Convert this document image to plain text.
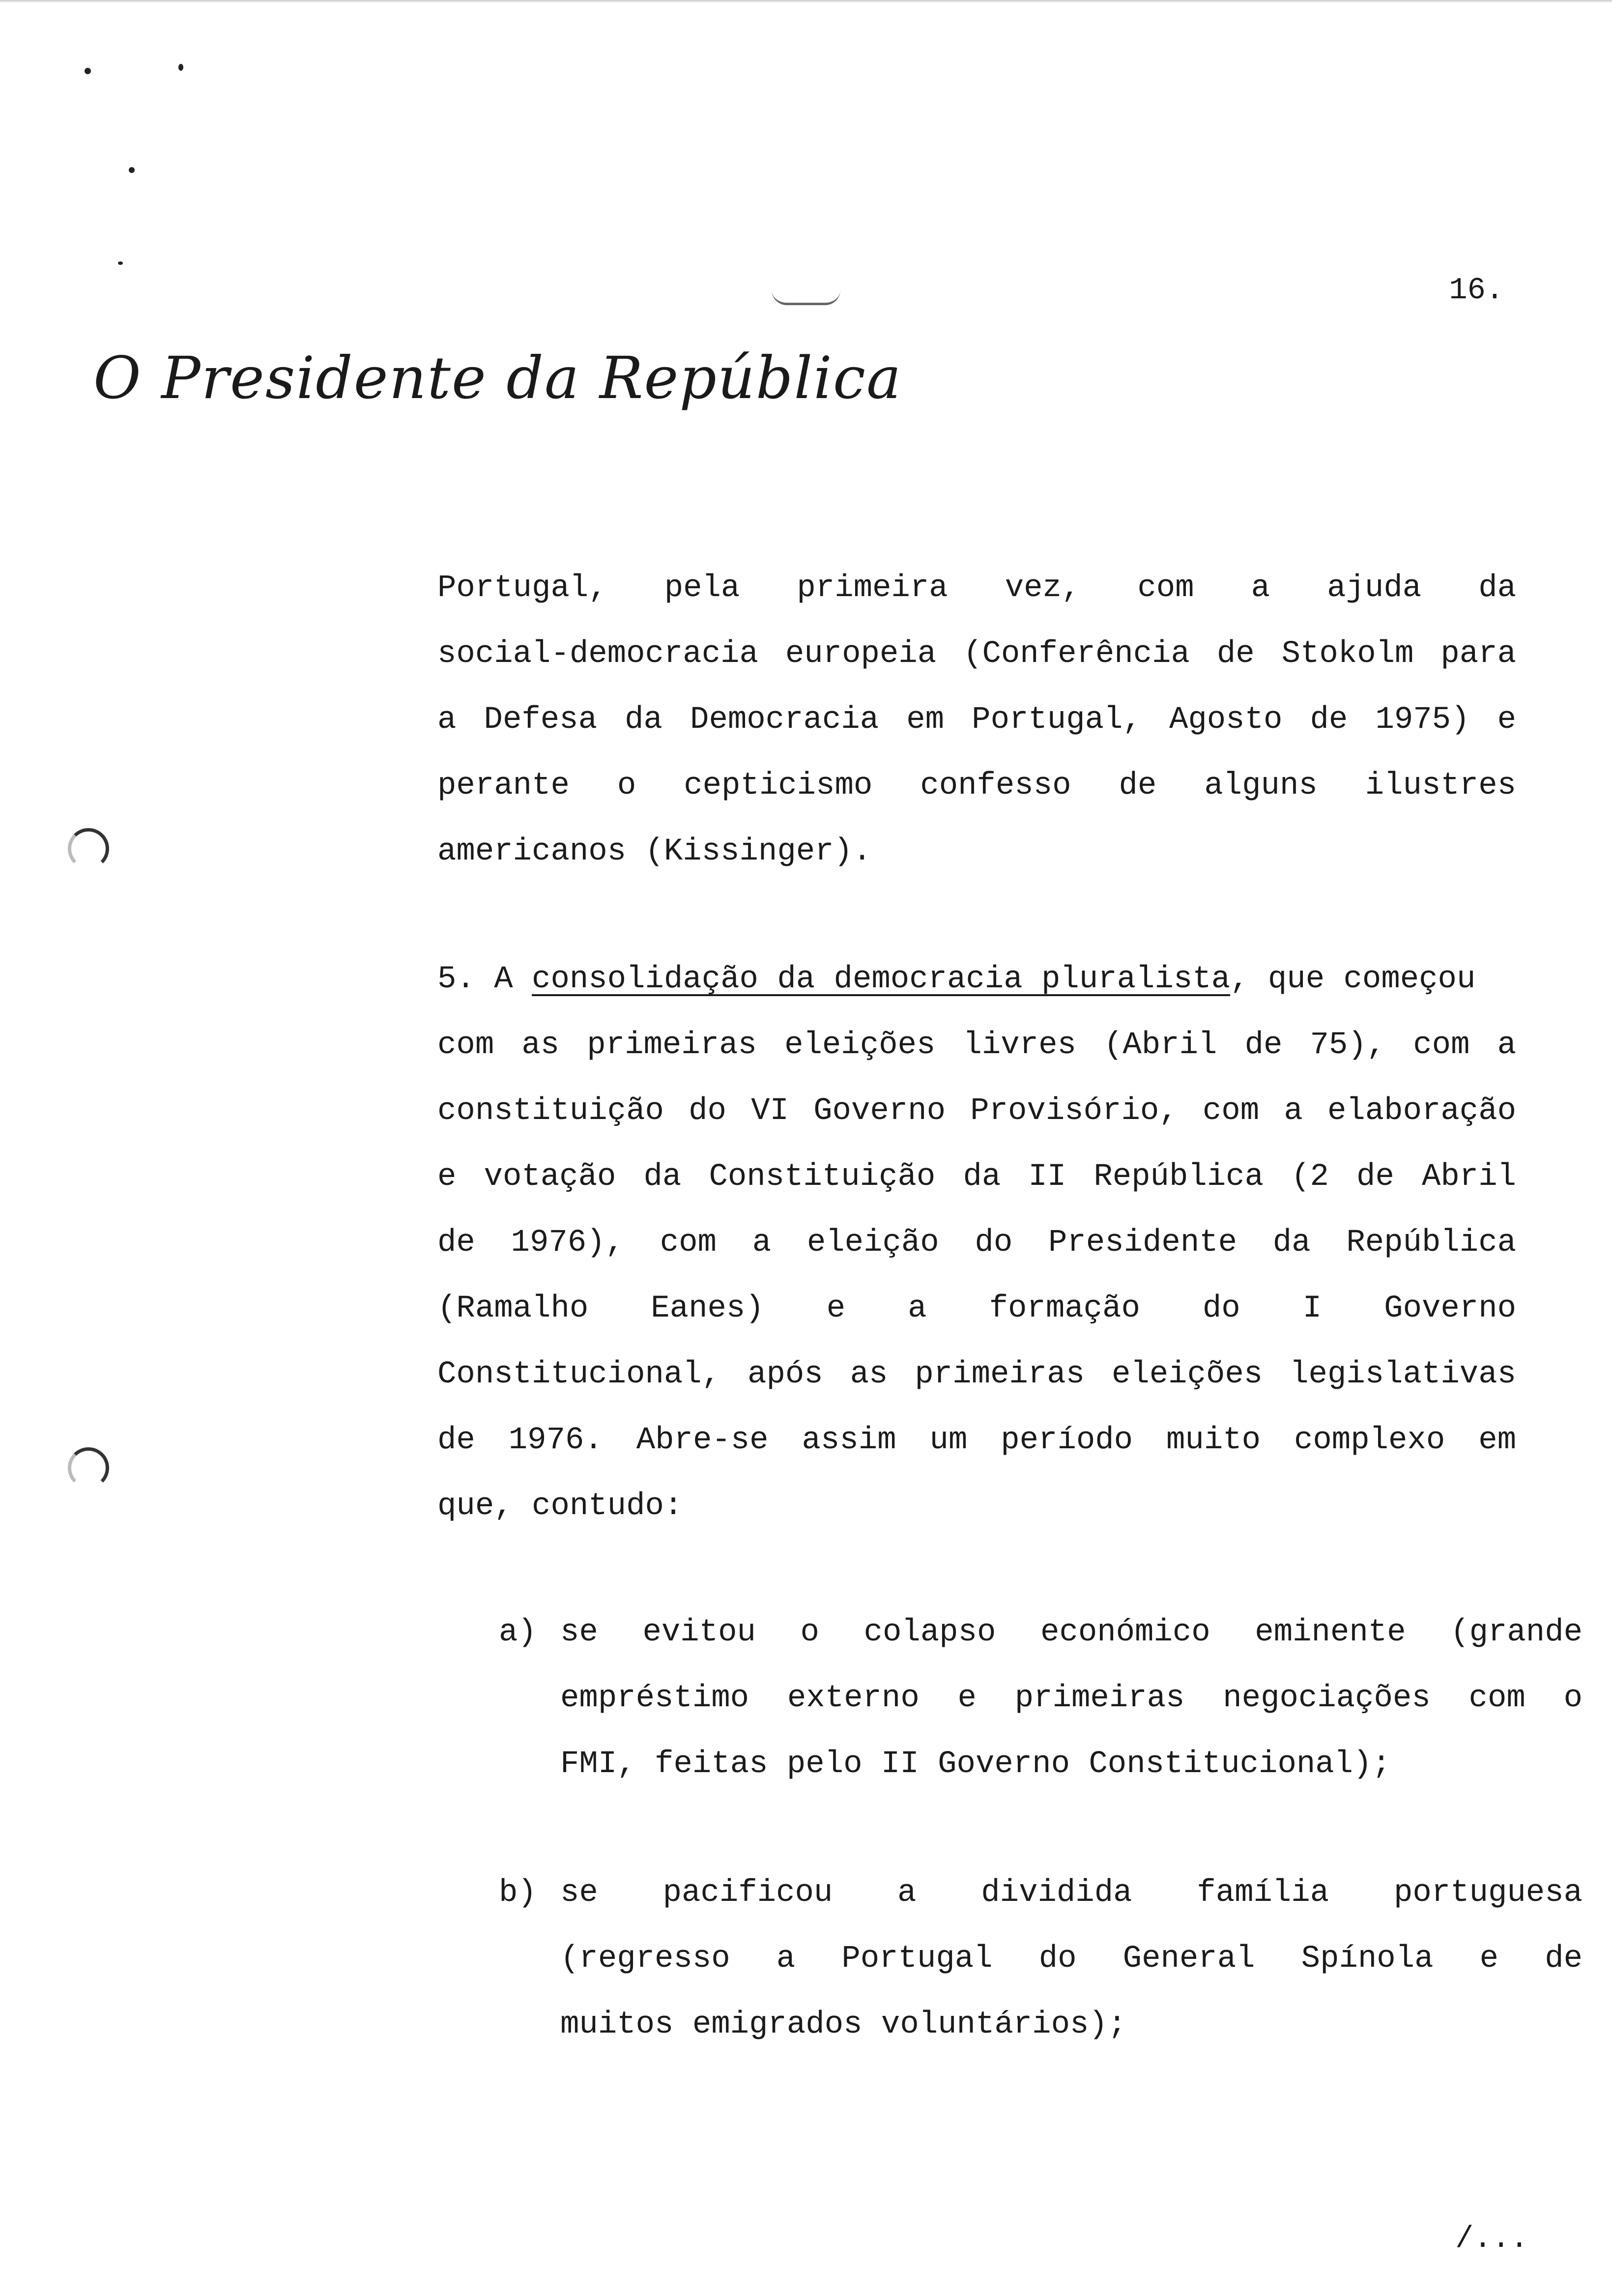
16.
O Presidente da República
Portugal, pela primeira vez, com a ajuda da
social-democracia europeia (Conferência de Stokolm para
a Defesa da Democracia em Portugal, Agosto de 1975) e
perante o cepticismo confesso de alguns ilustres
americanos (Kissinger).
5. A consolidação da democracia pluralista, que começou
com as primeiras eleições livres (Abril de 75), com a
constituição do VI Governo Provisório, com a elaboração
e votação da Constituição da II República (2 de Abril
de 1976), com a eleição do Presidente da República
(Ramalho Eanes) e a formação do I Governo
Constitucional, após as primeiras eleições legislativas
de 1976. Abre-se assim um período muito complexo em
que, contudo:
a) se evitou o colapso económico eminente (grande
empréstimo externo e primeiras negociações com o
FMI, feitas pelo II Governo Constitucional);
b) se pacificou a dividida família portuguesa
(regresso a Portugal do General Spínola e de
muitos emigrados voluntários);
/...
